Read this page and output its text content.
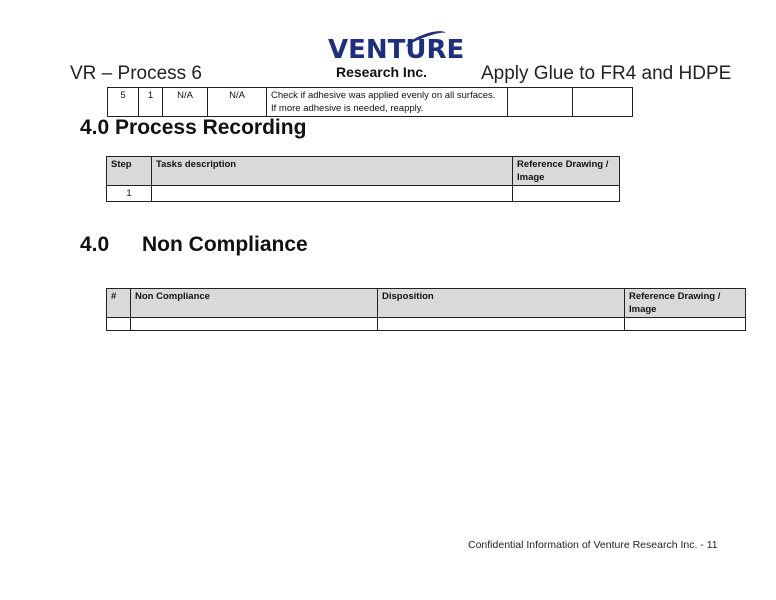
VR – Process 6
VENTURE
Research Inc.	Apply Glue to FR4 and HDPE
5	1	N/A	N/A	Check if adhesive was applied evenly on all surfaces.
If more adhesive is needed, reapply.

4.0 Process Recording
Step	Tasks description	Reference Drawing / Image
1		
4.0 Non Compliance
#	Non Compliance	Disposition	Reference Drawing / Image

Confidential Information of Venture Research Inc. - 11
